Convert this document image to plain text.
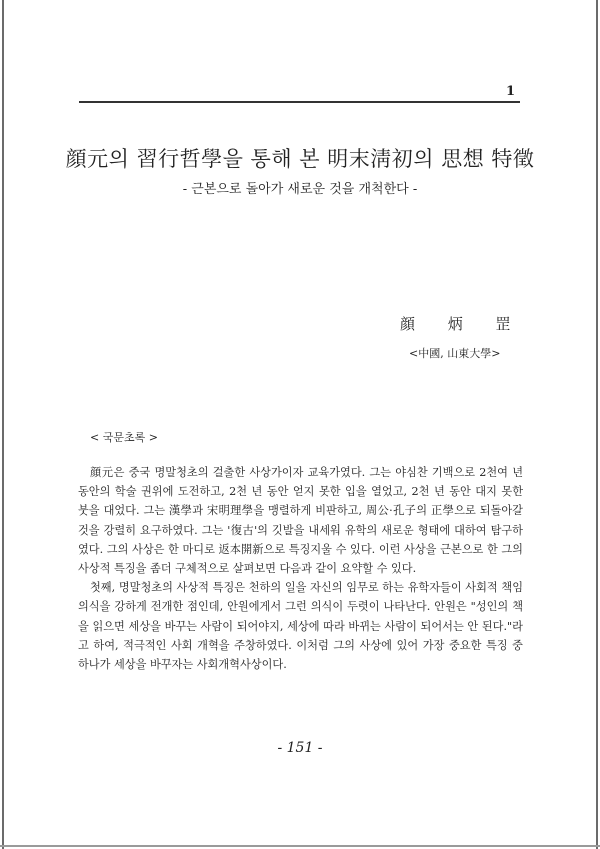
1
顔元의 習行哲學을 통해 본 明末淸初의 思想 特徵
- 근본으로 돌아가 새로운 것을 개척한다 -
顔 炳 罡
<中國, 山東大學>
< 국문초록 >

顔元은 중국 명말청초의 걸출한 사상가이자 교육가였다. 그는 야심찬 기백으로 2천여 년 동안의 학술 권위에 도전하고, 2천 년 동안 얻지 못한 입을 열었고, 2천 년 동안 대지 못한 붓을 대었다. 그는 漢學과 宋明理學을 맹렬하게 비판하고, 周公·孔子의 正學으로 되돌아갈 것을 강렬히 요구하였다. 그는 '復古'의 깃발을 내세워 유학의 새로운 형태에 대하여 탐구하였다. 그의 사상은 한 마디로 返本開新으로 특징지울 수 있다. 이런 사상을 근본으로 한 그의 사상적 특징을 좀더 구체적으로 살펴보면 다음과 같이 요약할 수 있다.

첫째, 명말청초의 사상적 특징은 천하의 일을 자신의 임무로 하는 유학자들이 사회적 책임의식을 강하게 전개한 점인데, 안원에게서 그런 의식이 두렷이 나타난다. 안원은 "성인의 책을 읽으면 세상을 바꾸는 사람이 되어야지, 세상에 따라 바뀌는 사람이 되어서는 안 된다."라고 하여, 적극적인 사회 개혁을 주창하였다. 이처럼 그의 사상에 있어 가장 중요한 특징 중 하나가 세상을 바꾸자는 사회개혁사상이다.

- 151 -
